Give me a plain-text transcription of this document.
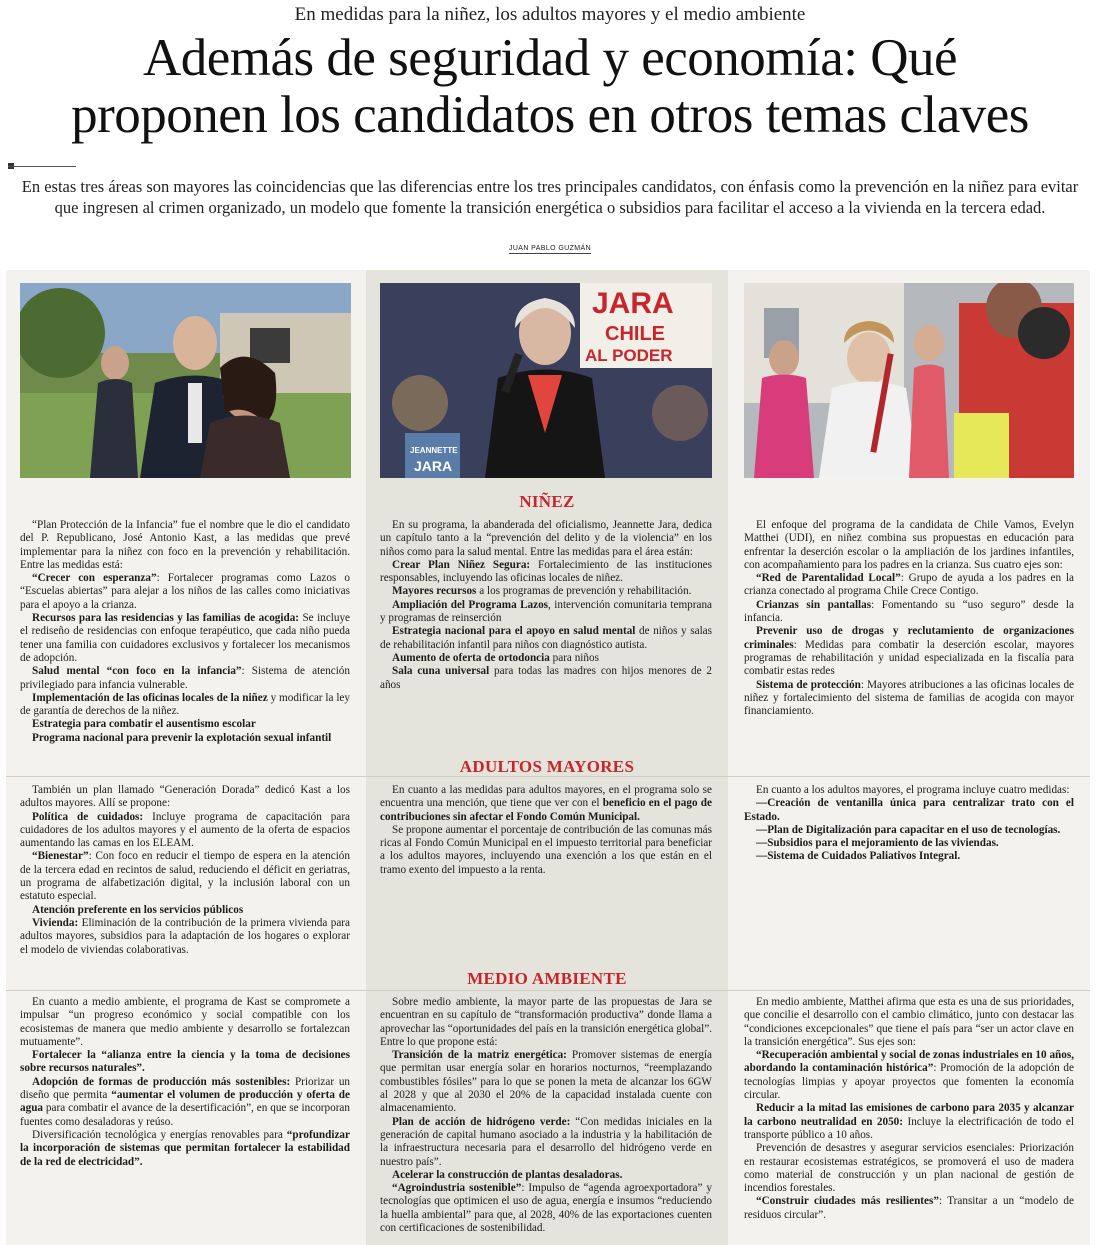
En medidas para la niñez, los adultos mayores y el medio ambiente
Además de seguridad y economía: Qué
proponen los candidatos en otros temas claves
En estas tres áreas son mayores las coincidencias que las diferencias entre los tres principales candidatos, con énfasis como la prevención en la niñez para evitar que ingresen al crimen organizado, un modelo que fomente la transición energética o subsidios para facilitar el acceso a la vivienda en la tercera edad.
JUAN PABLO GUZMÁN
JARA
CHILE
AL PODER
JEANNETTE
JARA
NIÑEZ
ADULTOS MAYORES
MEDIO AMBIENTE

“Plan Protección de la Infancia” fue el nombre que le dio el candidato del P. Republicano, José Antonio Kast, a las medidas que prevé implementar para la niñez con foco en la prevención y rehabilitación. Entre las medidas está:

“Crecer con esperanza”: Fortalecer programas como Lazos o “Escuelas abiertas” para alejar a los niños de las calles como iniciativas para el apoyo a la crianza.

Recursos para las residencias y las familias de acogida: Se incluye el rediseño de residencias con enfoque terapéutico, que cada niño pueda tener una familia con cuidadores exclusivos y fortalecer los mecanismos de adopción.

Salud mental “con foco en la infancia”: Sistema de atención privilegiado para infancia vulnerable.

Implementación de las oficinas locales de la niñez y modificar la ley de garantía de derechos de la niñez.

Estrategia para combatir el ausentismo escolar

Programa nacional para prevenir la explotación sexual infantil

En su programa, la abanderada del oficialismo, Jeannette Jara, dedica un capítulo tanto a la “prevención del delito y de la violencia” en los niños como para la salud mental. Entre las medidas para el área están:

Crear Plan Niñez Segura: Fortalecimiento de las instituciones responsables, incluyendo las oficinas locales de niñez.

Mayores recursos a los programas de prevención y rehabilitación.

Ampliación del Programa Lazos, intervención comunitaria temprana y programas de reinserción

Estrategia nacional para el apoyo en salud mental de niños y salas de rehabilitación infantil para niños con diagnóstico autista.

Aumento de oferta de ortodoncia para niños

Sala cuna universal para todas las madres con hijos menores de 2 años

El enfoque del programa de la candidata de Chile Vamos, Evelyn Matthei (UDI), en niñez combina sus propuestas en educación para enfrentar la deserción escolar o la ampliación de los jardines infantiles, con acompañamiento para los padres en la crianza. Sus cuatro ejes son:

“Red de Parentalidad Local”: Grupo de ayuda a los padres en la crianza conectado al programa Chile Crece Contigo.

Crianzas sin pantallas: Fomentando su “uso seguro” desde la infancia.

Prevenir uso de drogas y reclutamiento de organizaciones criminales: Medidas para combatir la deserción escolar, mayores programas de rehabilitación y unidad especializada en la fiscalía para combatir estas redes

Sistema de protección: Mayores atribuciones a las oficinas locales de niñez y fortalecimiento del sistema de familias de acogida con mayor financiamiento.

También un plan llamado “Generación Dorada” dedicó Kast a los adultos mayores. Allí se propone:

Política de cuidados: Incluye programa de capacitación para cuidadores de los adultos mayores y el aumento de la oferta de espacios aumentando las camas en los ELEAM.

“Bienestar”: Con foco en reducir el tiempo de espera en la atención de la tercera edad en recintos de salud, reduciendo el déficit en geriatras, un programa de alfabetización digital, y la inclusión laboral con un estatuto especial.

Atención preferente en los servicios públicos

Vivienda: Eliminación de la contribución de la primera vivienda para adultos mayores, subsidios para la adaptación de los hogares o explorar el modelo de viviendas colaborativas.

En cuanto a las medidas para adultos mayores, en el programa solo se encuentra una mención, que tiene que ver con el beneficio en el pago de contribuciones sin afectar el Fondo Común Municipal.

Se propone aumentar el porcentaje de contribución de las comunas más ricas al Fondo Común Municipal en el impuesto territorial para beneficiar a los adultos mayores, incluyendo una exención a los que están en el tramo exento del impuesto a la renta.

En cuanto a los adultos mayores, el programa incluye cuatro medidas:

—Creación de ventanilla única para centralizar trato con el Estado.

—Plan de Digitalización para capacitar en el uso de tecnologías.

—Subsidios para el mejoramiento de las viviendas.

—Sistema de Cuidados Paliativos Integral.

En cuanto a medio ambiente, el programa de Kast se compromete a impulsar “un progreso económico y social compatible con los ecosistemas de manera que medio ambiente y desarrollo se fortalezcan mutuamente”.

Fortalecer la “alianza entre la ciencia y la toma de decisiones sobre recursos naturales”.

Adopción de formas de producción más sostenibles: Priorizar un diseño que permita “aumentar el volumen de producción y oferta de agua para combatir el avance de la desertificación”, en que se incorporan fuentes como desaladoras y reúso.

Diversificación tecnológica y energías renovables para “profundizar la incorporación de sistemas que permitan fortalecer la estabilidad de la red de electricidad”.

Sobre medio ambiente, la mayor parte de las propuestas de Jara se encuentran en su capítulo de “transformación productiva” donde llama a aprovechar las “oportunidades del país en la transición energética global”. Entre lo que propone está:

Transición de la matriz energética: Promover sistemas de energía que permitan usar energía solar en horarios nocturnos, “reemplazando combustibles fósiles” para lo que se ponen la meta de alcanzar los 6GW al 2028 y que al 2030 el 20% de la capacidad instalada cuente con almacenamiento.

Plan de acción de hidrógeno verde: “Con medidas iniciales en la generación de capital humano asociado a la industria y la habilitación de la infraestructura necesaria para el desarrollo del hidrógeno verde en nuestro país”.

Acelerar la construcción de plantas desaladoras.

“Agroindustria sostenible”: Impulso de “agenda agroexportadora” y tecnologías que optimicen el uso de agua, energía e insumos “reduciendo la huella ambiental” para que, al 2028, 40% de las exportaciones cuenten con certificaciones de sostenibilidad.

En medio ambiente, Matthei afirma que esta es una de sus prioridades, que concilie el desarrollo con el cambio climático, junto con destacar las “condiciones excepcionales” que tiene el país para “ser un actor clave en la transición energética”. Sus ejes son:

“Recuperación ambiental y social de zonas industriales en 10 años, abordando la contaminación histórica”: Promoción de la adopción de tecnologías limpias y apoyar proyectos que fomenten la economía circular.

Reducir a la mitad las emisiones de carbono para 2035 y alcanzar la carbono neutralidad en 2050: Incluye la electrificación de todo el transporte público a 10 años.

Prevención de desastres y asegurar servicios esenciales: Priorización en restaurar ecosistemas estratégicos, se promoverá el uso de madera como material de construcción y un plan nacional de gestión de incendios forestales.

“Construir ciudades más resilientes”: Transitar a un “modelo de residuos circular”.
